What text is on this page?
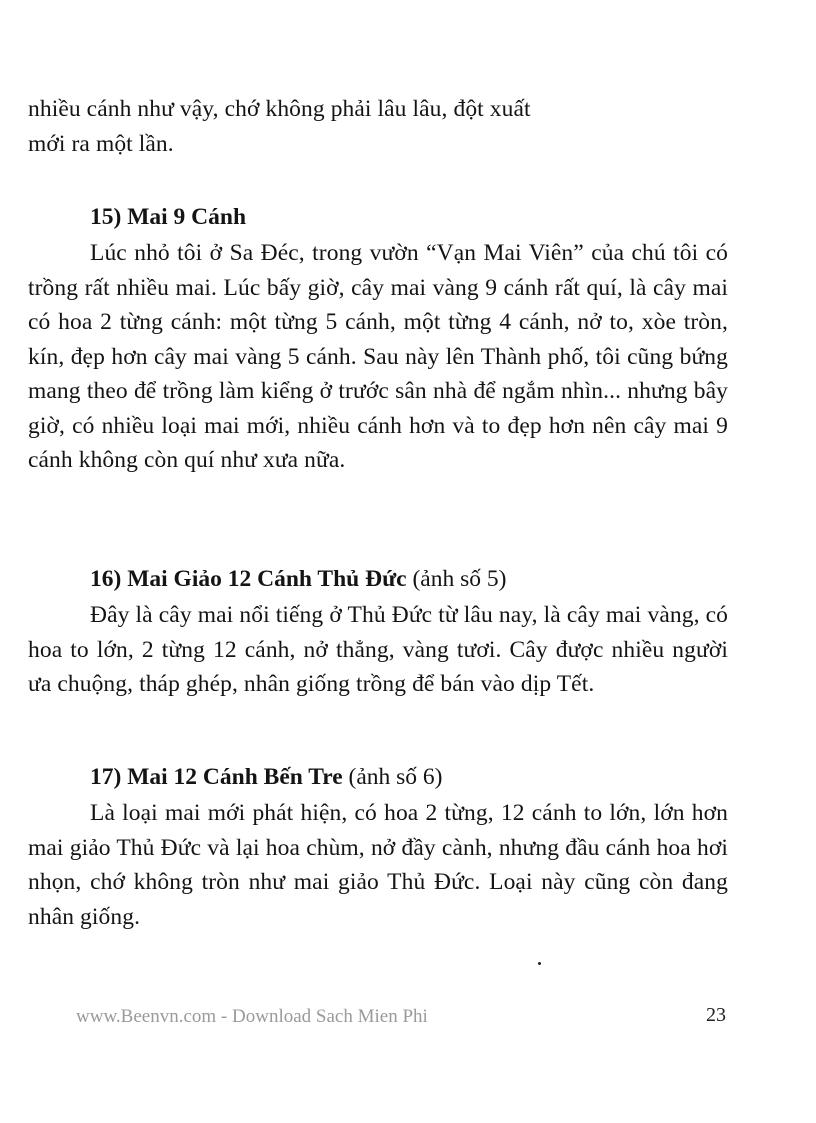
nhiều cánh như vậy, chớ không phải lâu lâu, đột xuất

mới ra một lần.

15) Mai 9 Cánh

Lúc nhỏ tôi ở Sa Đéc, trong vườn “Vạn Mai Viên” của chú tôi có trồng rất nhiều mai. Lúc bấy giờ, cây mai vàng 9 cánh rất quí, là cây mai có hoa 2 từng cánh: một từng 5 cánh, một từng 4 cánh, nở to, xòe tròn, kín, đẹp hơn cây mai vàng 5 cánh. Sau này lên Thành phố, tôi cũng bứng mang theo để trồng làm kiểng ở trước sân nhà để ngắm nhìn... nhưng bây giờ, có nhiều loại mai mới, nhiều cánh hơn và to đẹp hơn nên cây mai 9 cánh không còn quí như xưa nữa.

16) Mai Giảo 12 Cánh Thủ Đức (ảnh số 5)

Đây là cây mai nổi tiếng ở Thủ Đức từ lâu nay, là cây mai vàng, có hoa to lớn, 2 từng 12 cánh, nở thẳng, vàng tươi. Cây được nhiều người ưa chuộng, tháp ghép, nhân giống trồng để bán vào dịp Tết.

17) Mai 12 Cánh Bến Tre (ảnh số 6)

Là loại mai mới phát hiện, có hoa 2 từng, 12 cánh to lớn, lớn hơn mai giảo Thủ Đức và lại hoa chùm, nở đầy cành, nhưng đầu cánh hoa hơi nhọn, chớ không tròn như mai giảo Thủ Đức. Loại này cũng còn đang nhân giống.

www.Beenvn.com - Download Sach Mien Phi	23
